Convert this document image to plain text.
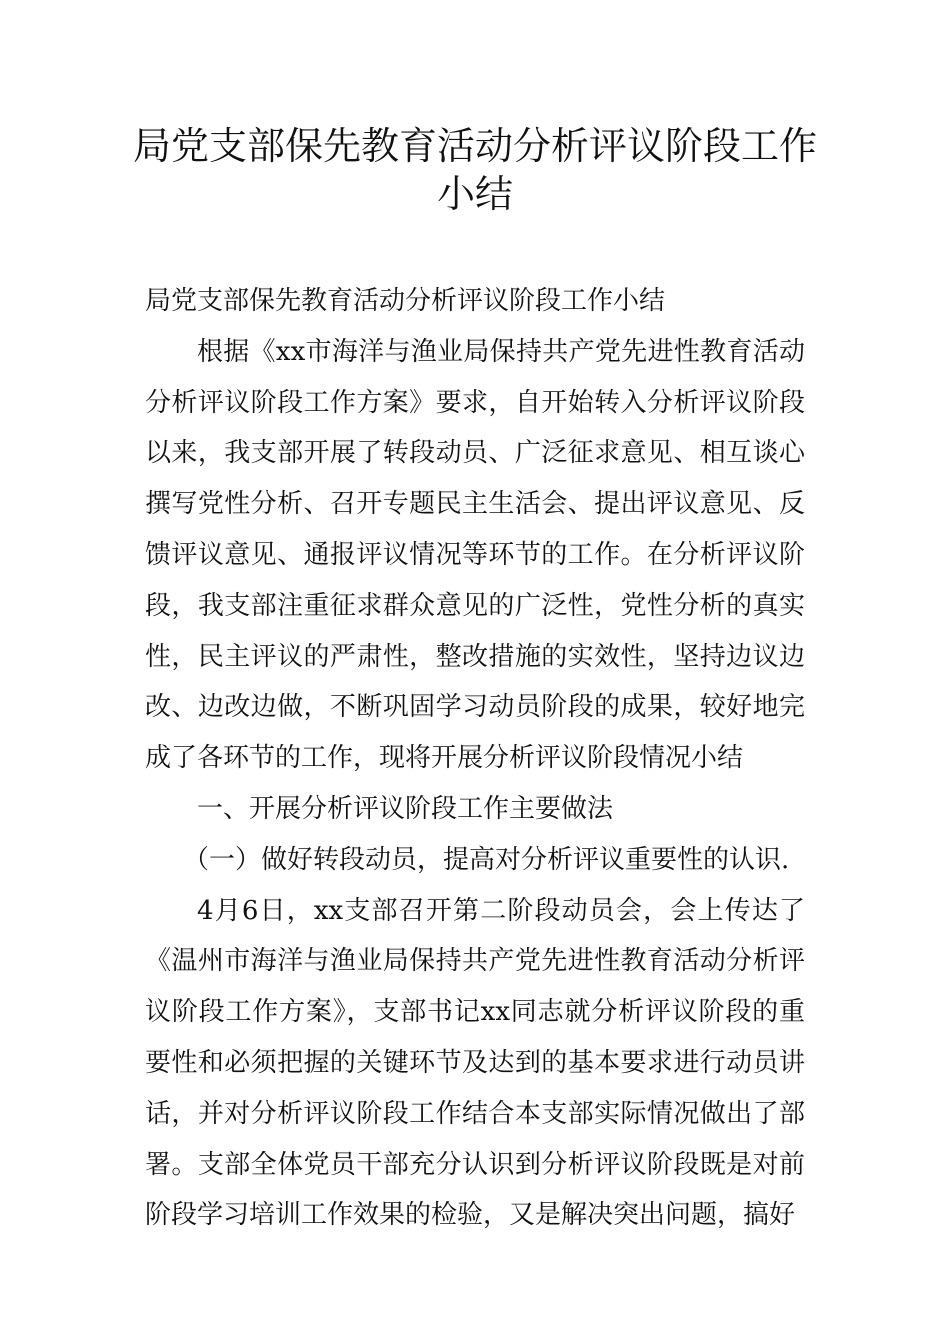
局党支部保先教育活动分析评议阶段工作小结

局党支部保先教育活动分析评议阶段工作小结

根据《xx市海洋与渔业局保持共产党先进性教育活动分析评议阶段工作方案》要求，自开始转入分析评议阶段以来，我支部开展了转段动员、广泛征求意见、相互谈心撰写党性分析、召开专题民主生活会、提出评议意见、反馈评议意见、通报评议情况等环节的工作。在分析评议阶段，我支部注重征求群众意见的广泛性，党性分析的真实性，民主评议的严肃性，整改措施的实效性，坚持边议边改、边改边做，不断巩固学习动员阶段的成果，较好地完成了各环节的工作，现将开展分析评议阶段情况小结

一、开展分析评议阶段工作主要做法

（一）做好转段动员，提高对分析评议重要性的认识.

4月6日，xx支部召开第二阶段动员会，会上传达了《温州市海洋与渔业局保持共产党先进性教育活动分析评议阶段工作方案》，支部书记xx同志就分析评议阶段的重要性和必须把握的关键环节及达到的基本要求进行动员讲话，并对分析评议阶段工作结合本支部实际情况做出了部署。支部全体党员干部充分认识到分析评议阶段既是对前阶段学习培训工作效果的检验，又是解决突出问题，搞好
